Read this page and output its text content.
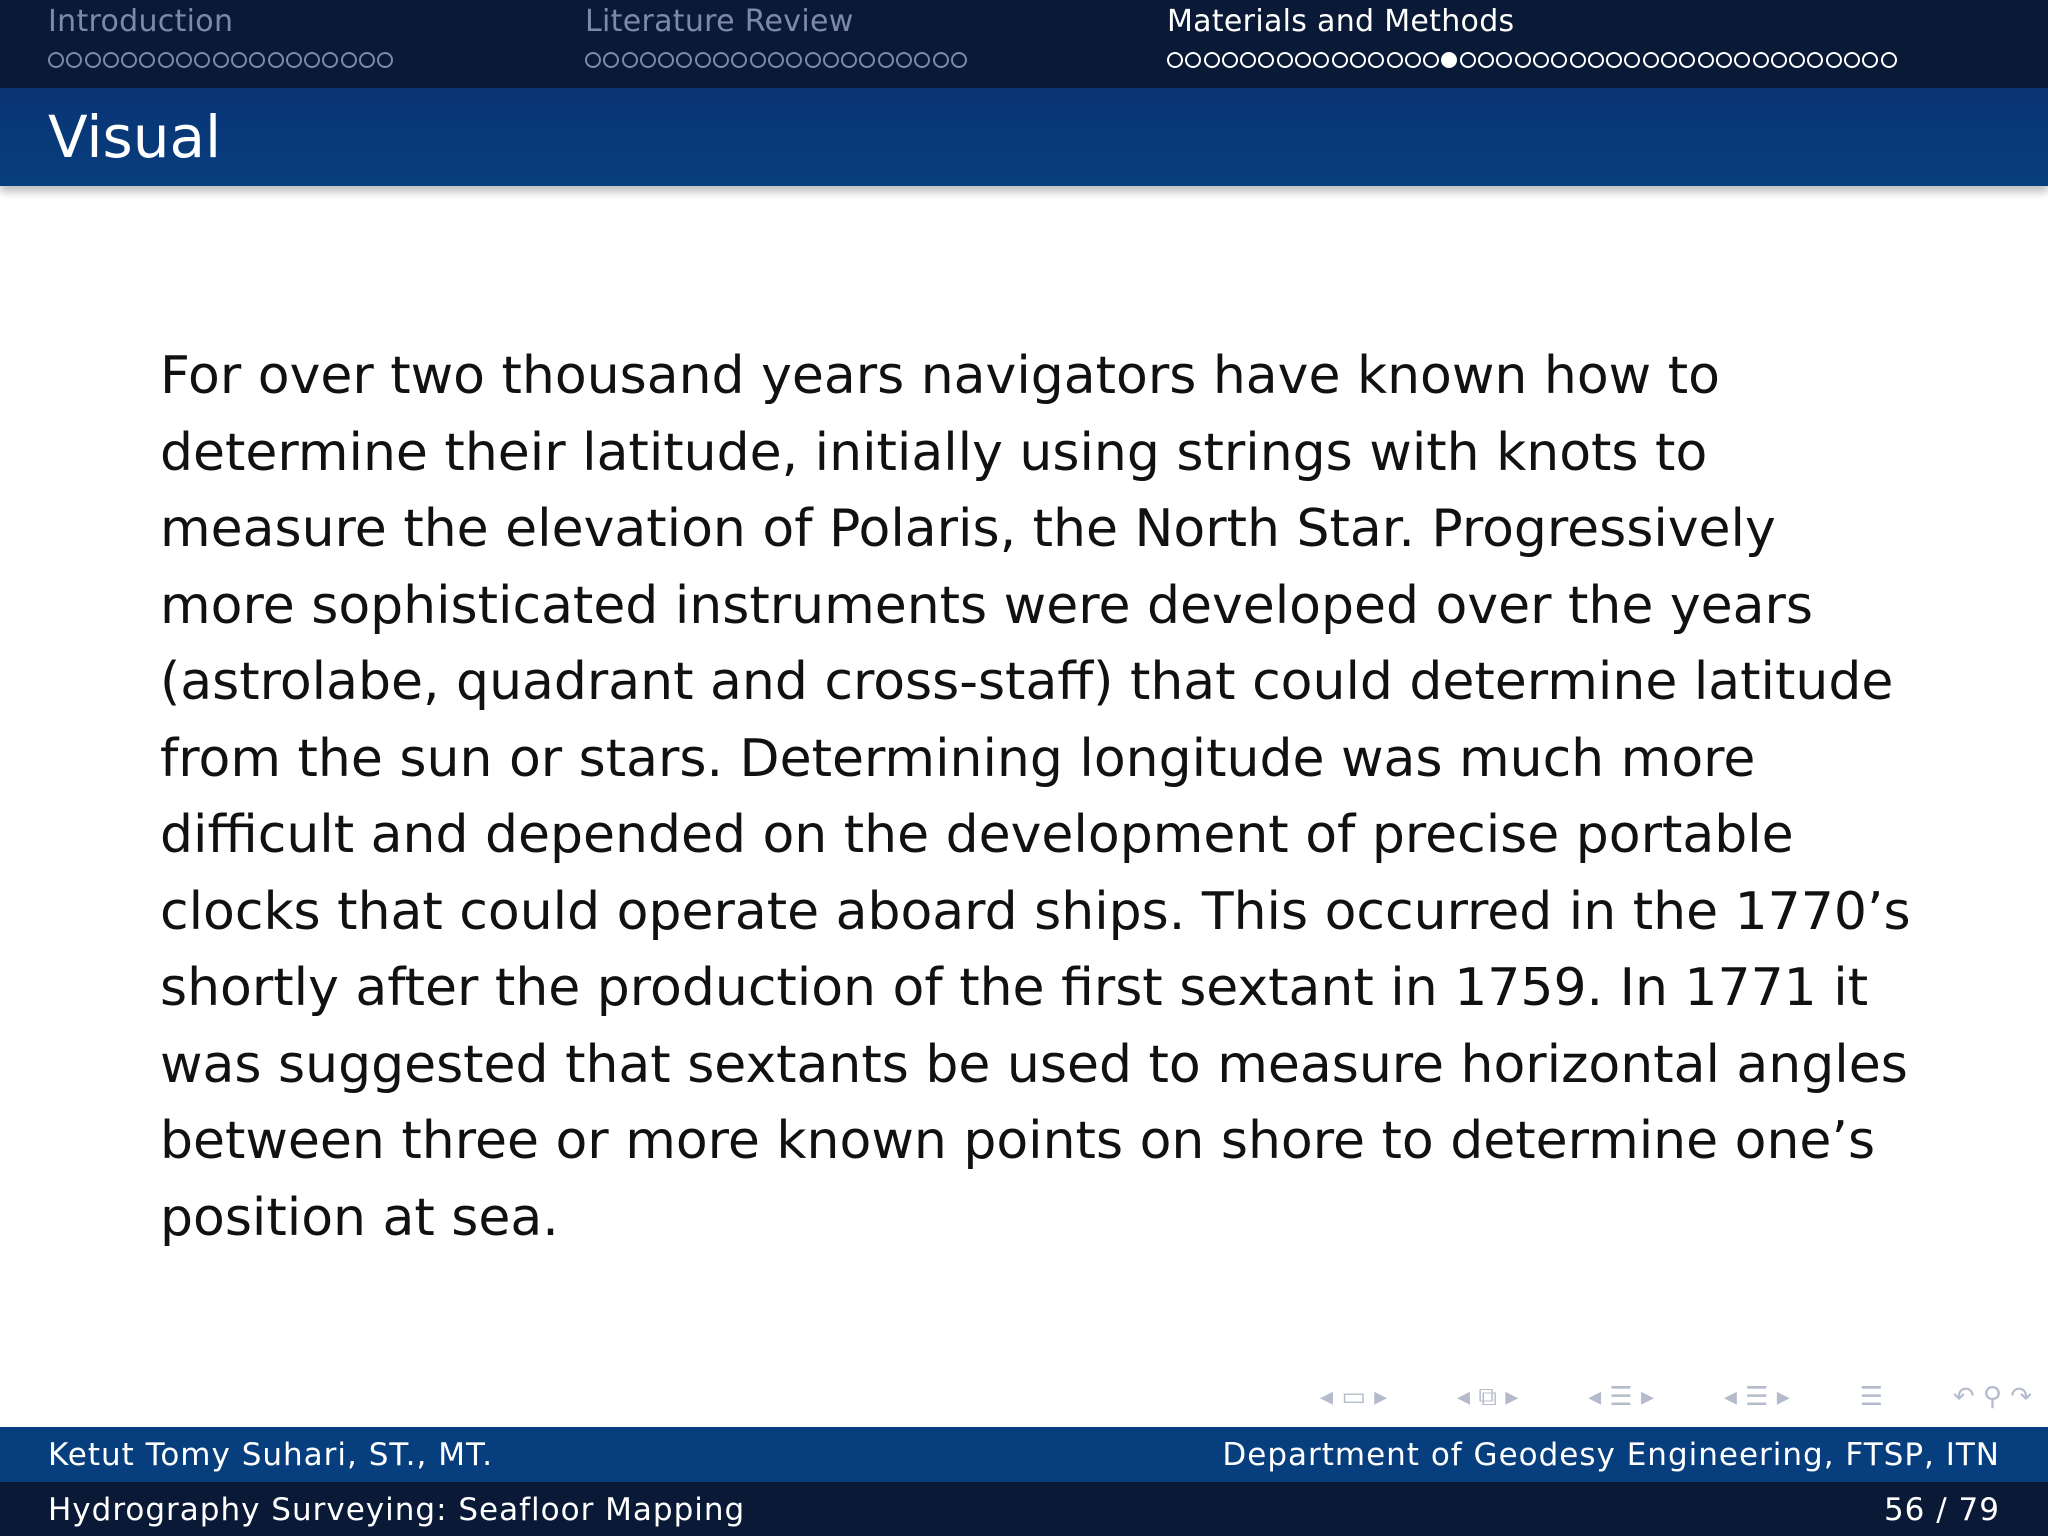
Introduction	Literature Review	Materials and Methods
Visual
For over two thousand years navigators have known how to determine their latitude, initially using strings with knots to measure the elevation of Polaris, the North Star. Progressively more sophisticated instruments were developed over the years (astrolabe, quadrant and cross-staff) that could determine latitude from the sun or stars. Determining longitude was much more difficult and depended on the development of precise portable clocks that could operate aboard ships. This occurred in the 1770’s shortly after the production of the first sextant in 1759. In 1771 it was suggested that sextants be used to measure horizontal angles between three or more known points on shore to determine one’s position at sea.
◂ ▭ ▸	◂ ⧉ ▸	◂ ☰ ▸	◂ ☰ ▸	☰	↶ ⚲ ↷
Ketut Tomy Suhari, ST., MT.	Department of Geodesy Engineering, FTSP, ITN
Hydrography Surveying: Seafloor Mapping	56 / 79
